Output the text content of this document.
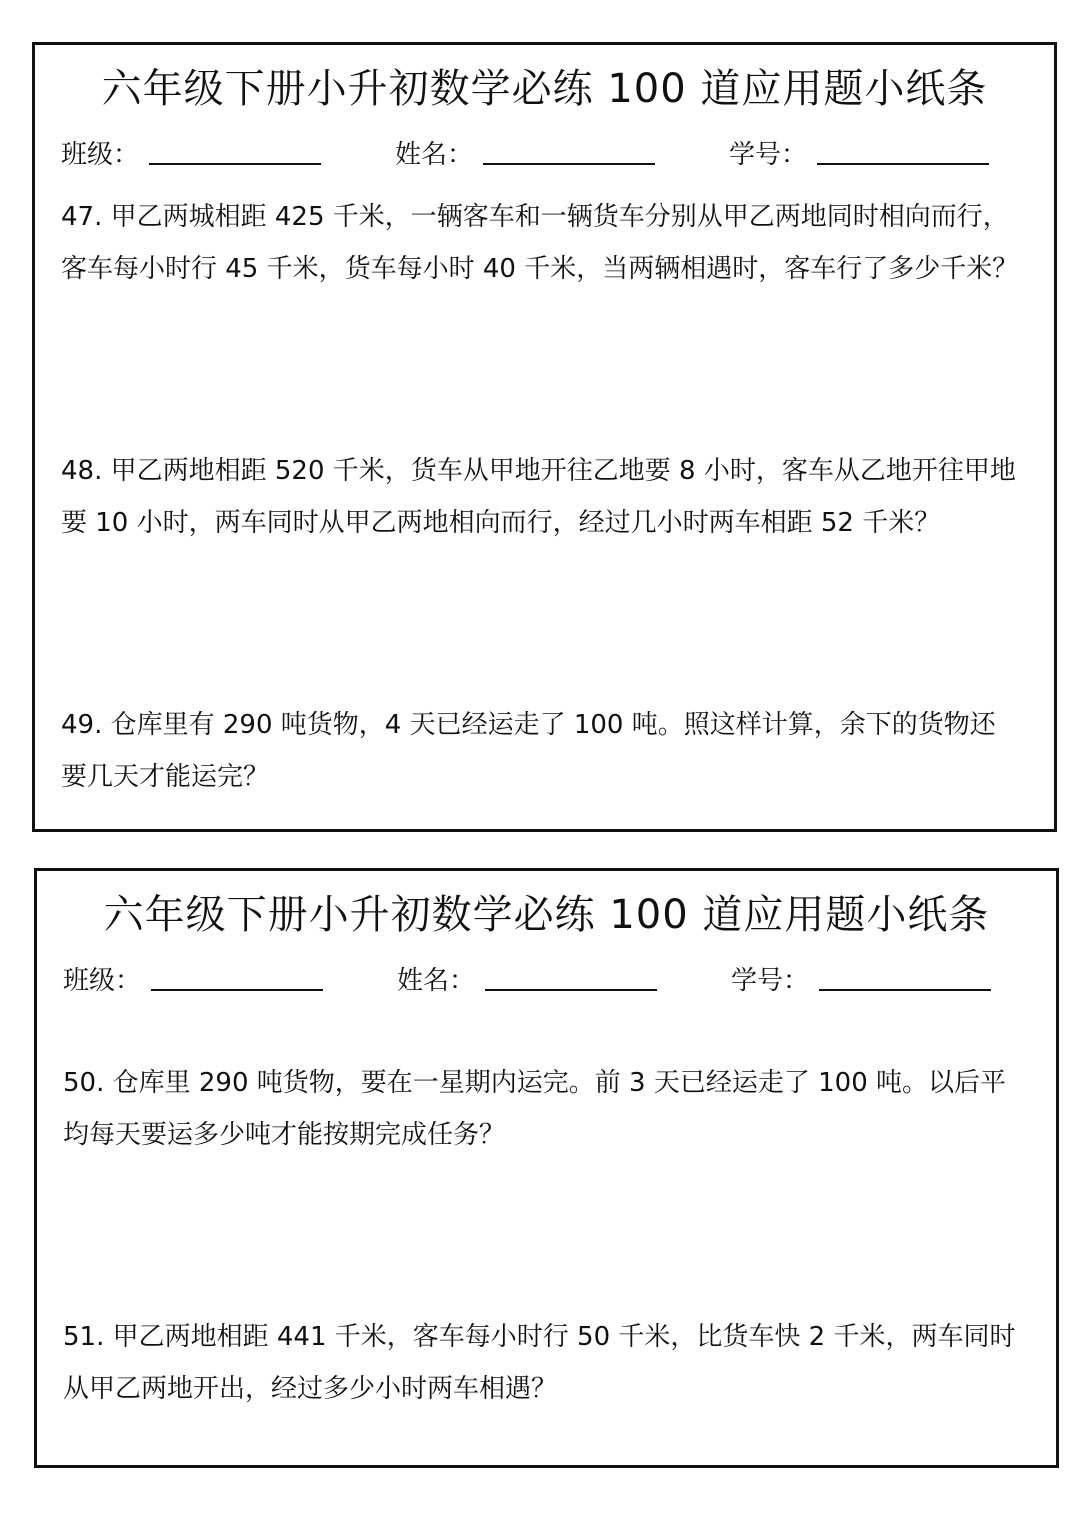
六年级下册小升初数学必练 100 道应用题小纸条
班级：	姓名：	学号：
47. 甲乙两城相距 425 千米，一辆客车和一辆货车分别从甲乙两地同时相向而行，客车每小时行 45 千米，货车每小时 40 千米，当两辆相遇时，客车行了多少千米？
48. 甲乙两地相距 520 千米，货车从甲地开往乙地要 8 小时，客车从乙地开往甲地要 10 小时，两车同时从甲乙两地相向而行，经过几小时两车相距 52 千米？
49. 仓库里有 290 吨货物，4 天已经运走了 100 吨。照这样计算，余下的货物还要几天才能运完？
六年级下册小升初数学必练 100 道应用题小纸条
班级：	姓名：	学号：
50. 仓库里 290 吨货物，要在一星期内运完。前 3 天已经运走了 100 吨。以后平均每天要运多少吨才能按期完成任务？
51. 甲乙两地相距 441 千米，客车每小时行 50 千米，比货车快 2 千米，两车同时从甲乙两地开出，经过多少小时两车相遇？
